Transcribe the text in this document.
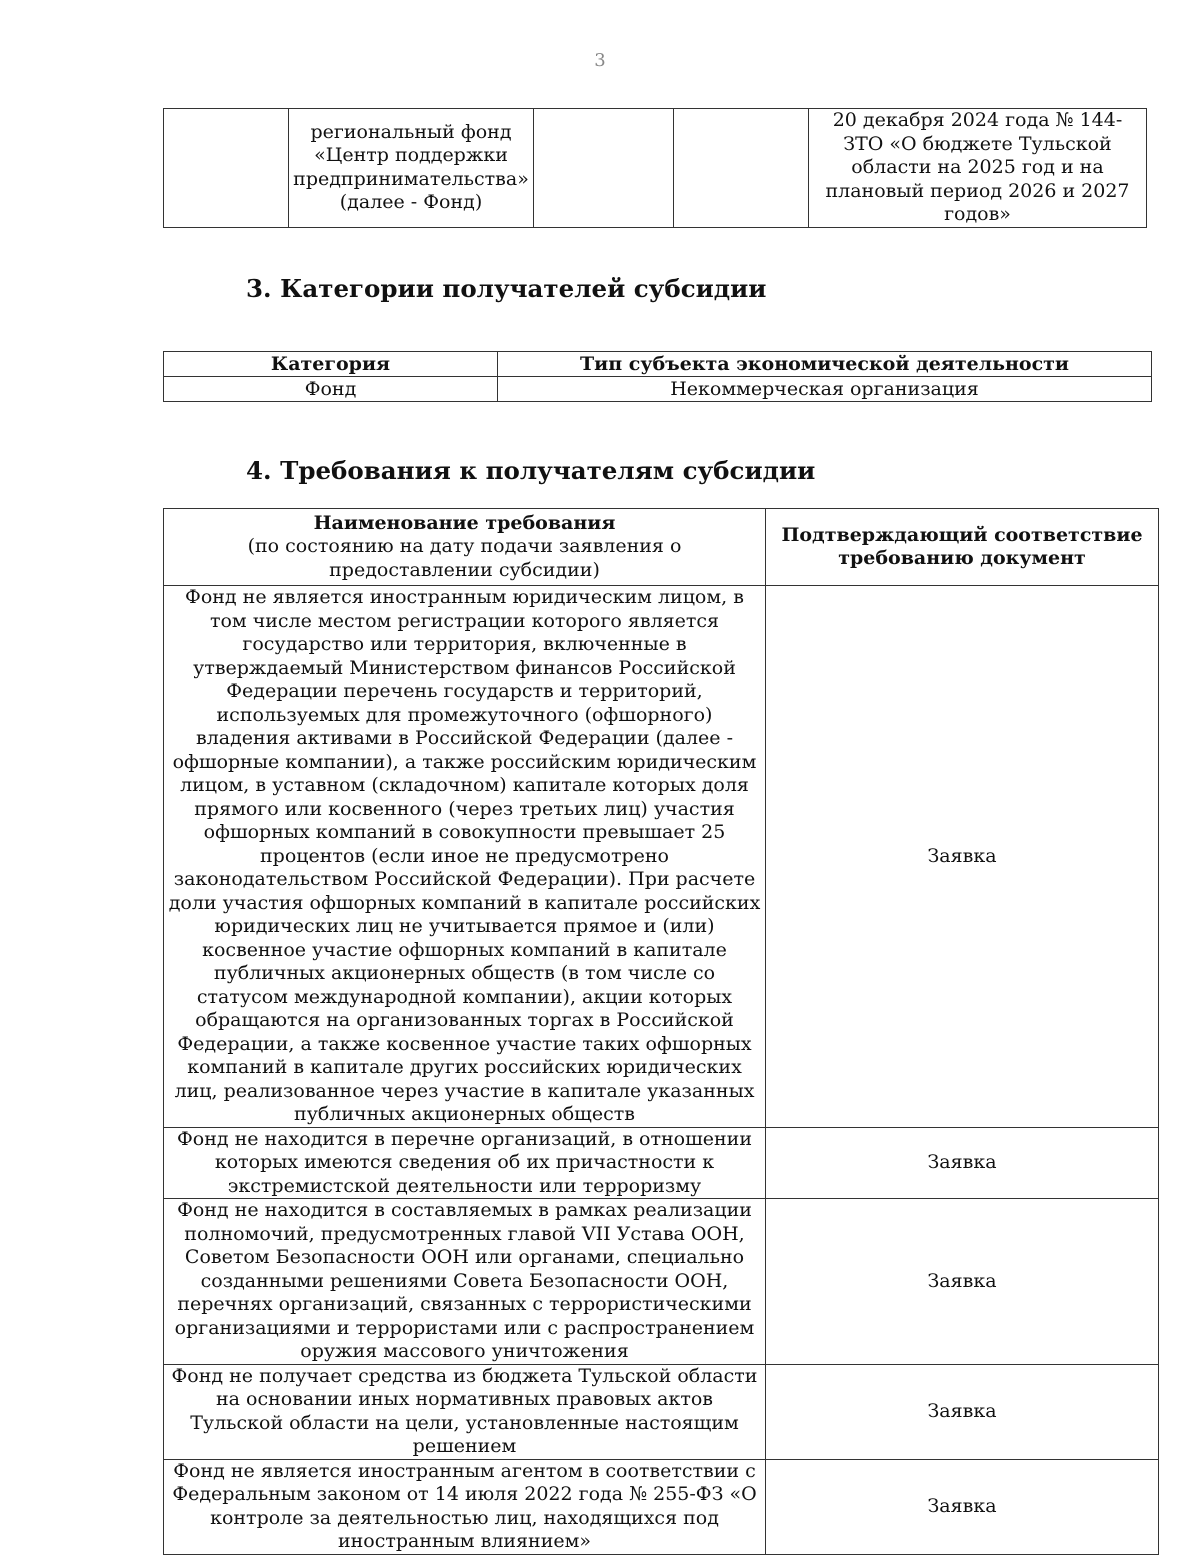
3
	региональный фонд «Центр поддержки предпринимательства» (далее - Фонд)			20 декабря 2024 года № 144-ЗТО «О бюджете Тульской области на 2025 год и на плановый период 2026 и 2027 годов»
3. Категории получателей субсидии
Категория	Тип субъекта экономической деятельности
Фонд	Некоммерческая организация
4. Требования к получателям субсидии
Наименование требования
(по состоянию на дату подачи заявления о предоставлении субсидии)	Подтверждающий соответствие требованию документ
Фонд не является иностранным юридическим лицом, в том числе местом регистрации которого является государство или территория, включенные в утверждаемый Министерством финансов Российской Федерации перечень государств и территорий, используемых для промежуточного (офшорного) владения активами в Российской Федерации (далее - офшорные компании), а также российским юридическим лицом, в уставном (складочном) капитале которых доля прямого или косвенного (через третьих лиц) участия офшорных компаний в совокупности превышает 25 процентов (если иное не предусмотрено законодательством Российской Федерации). При расчете доли участия офшорных компаний в капитале российских юридических лиц не учитывается прямое и (или) косвенное участие офшорных компаний в капитале публичных акционерных обществ (в том числе со статусом международной компании), акции которых обращаются на организованных торгах в Российской Федерации, а также косвенное участие таких офшорных компаний в капитале других российских юридических лиц, реализованное через участие в капитале указанных публичных акционерных обществ	Заявка
Фонд не находится в перечне организаций, в отношении которых имеются сведения об их причастности к экстремистской деятельности или терроризму	Заявка
Фонд не находится в составляемых в рамках реализации полномочий, предусмотренных главой VII Устава ООН, Советом Безопасности ООН или органами, специально созданными решениями Совета Безопасности ООН, перечнях организаций, связанных с террористическими организациями и террористами или с распространением оружия массового уничтожения	Заявка
Фонд не получает средства из бюджета Тульской области на основании иных нормативных правовых актов Тульской области на цели, установленные настоящим решением	Заявка
Фонд не является иностранным агентом в соответствии с Федеральным законом от 14 июля 2022 года № 255-ФЗ «О контроле за деятельностью лиц, находящихся под иностранным влиянием»	Заявка
